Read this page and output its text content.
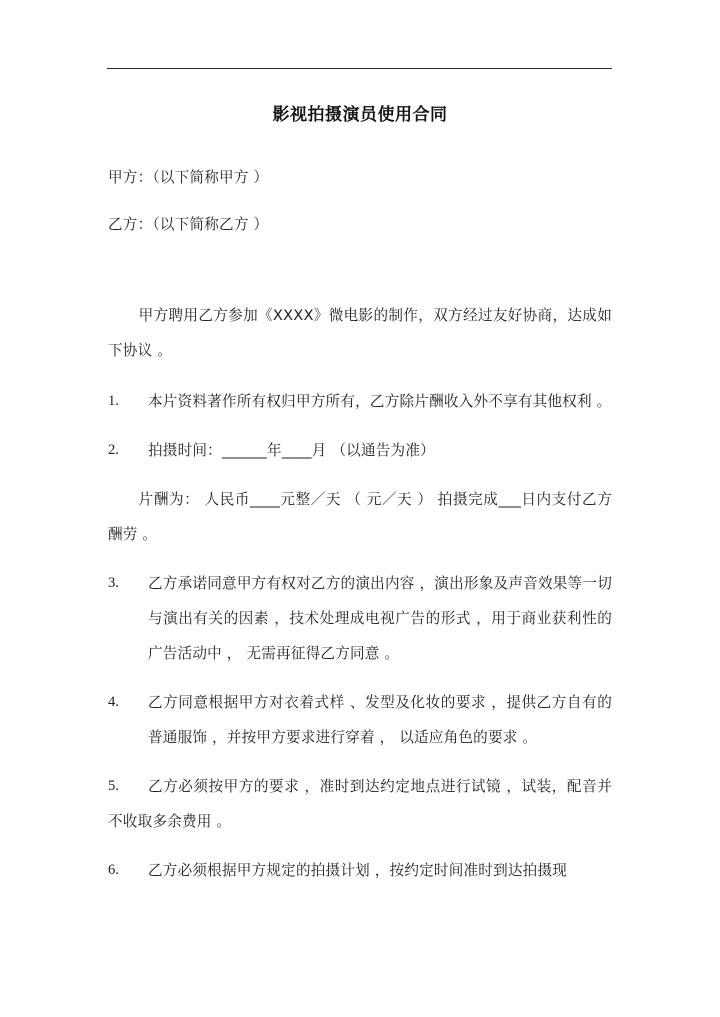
影视拍摄演员使用合同

甲方：（以下简称甲方 ）

乙方：（以下简称乙方 ）

甲方聘用乙方参加《XXXX》微电影的制作，双方经过友好协商，达成如下协议 。

1.	本片资料著作所有权归甲方所有，乙方除片酬收入外不享有其他权利 。
2.	拍摄时间：______年____月 （以通告为准）

片酬为： 人民币____元整／天 （ 元／天 ） 拍摄完成___日内支付乙方酬劳 。

3.	乙方承诺同意甲方有权对乙方的演出内容 ，演出形象及声音效果等一切与演出有关的因素 ，技术处理成电视广告的形式 ，用于商业获利性的广告活动中 ， 无需再征得乙方同意 。
4.	乙方同意根据甲方对衣着式样 、发型及化妆的要求 ，提供乙方自有的普通服饰 ，并按甲方要求进行穿着 ， 以适应角色的要求 。
5.	乙方必须按甲方的要求 ，准时到达约定地点进行试镜 ，试装，配音并不收取多余费用 。
6.	乙方必须根据甲方规定的拍摄计划 ，按约定时间准时到达拍摄现
